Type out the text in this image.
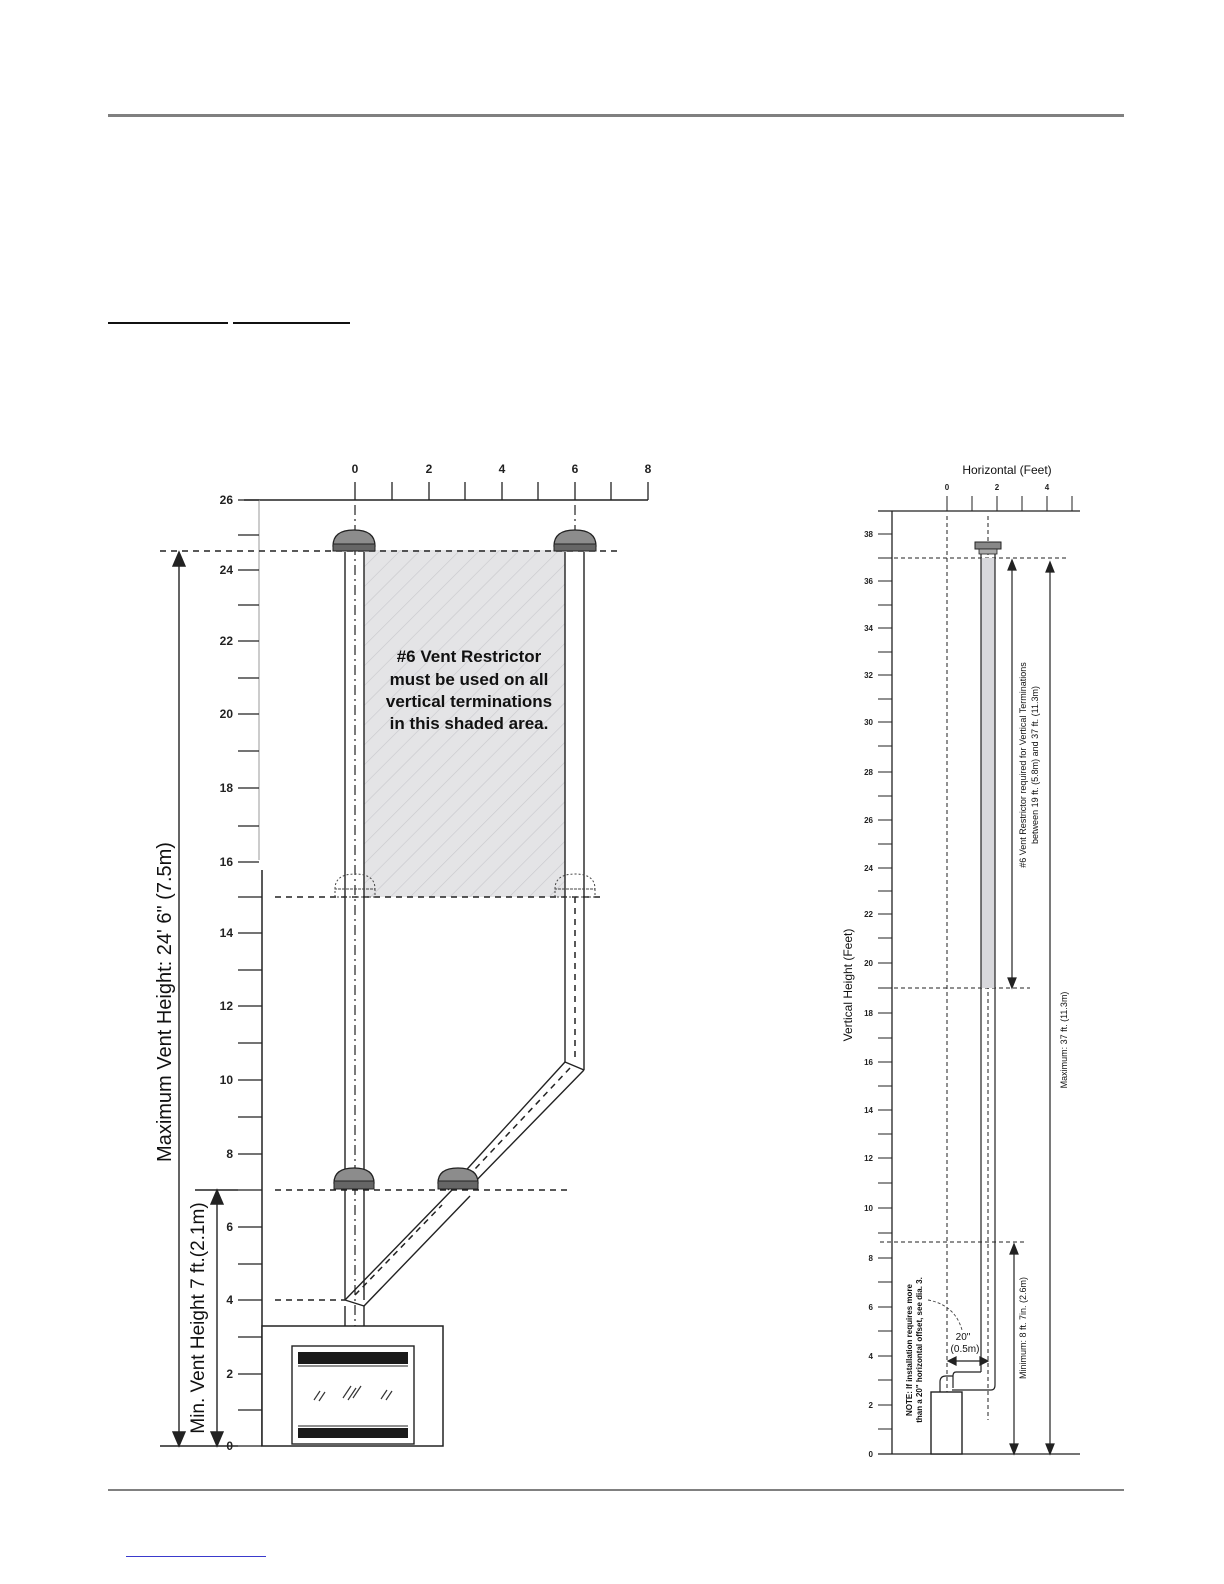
0	2	4	6	8
26
24
22
20
18
16
14
12
10
8
6
4
2
0
Maximum Vent Height: 24' 6" (7.5m)
Min. Vent Height 7 ft.(2.1m)
#6 Vent Restrictor
must be used on all
vertical terminations
in this shaded area.
Horizontal (Feet)
0	2	4
38
36
34
32
30
28
26
24
22
20
18
16
14
12
10
8
6
4
2
0
Vertical Height (Feet)
20"
(0.5m)
NOTE: If installation requires more than a 20" horizontal offset, see dia. 3.
#6 Vent Restrictor required for Vertical Terminations between 19 ft. (5.8m) and 37 ft. (11.3m)
Maximum: 37 ft. (11.3m)
Minimum: 8 ft. 7in. (2.6m)
